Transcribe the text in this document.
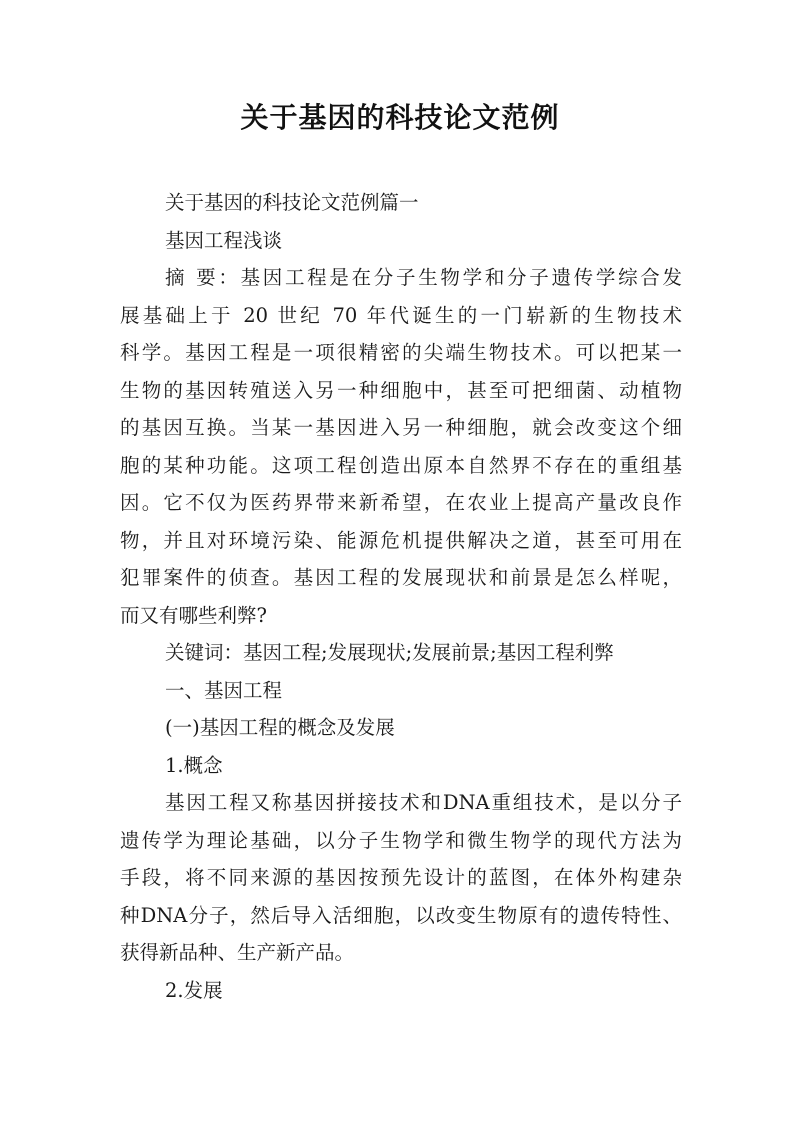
关于基因的科技论文范例
关于基因的科技论文范例篇一
基因工程浅谈
摘 要：基因工程是在分子生物学和分子遗传学综合发
展基础上于 20 世纪 70 年代诞生的一门崭新的生物技术
科学。基因工程是一项很精密的尖端生物技术。可以把某一
生物的基因转殖送入另一种细胞中，甚至可把细菌、动植物
的基因互换。当某一基因进入另一种细胞，就会改变这个细
胞的某种功能。这项工程创造出原本自然界不存在的重组基
因。它不仅为医药界带来新希望，在农业上提高产量改良作
物，并且对环境污染、能源危机提供解决之道，甚至可用在
犯罪案件的侦查。基因工程的发展现状和前景是怎么样呢，
而又有哪些利弊?
关键词：基因工程;发展现状;发展前景;基因工程利弊
一、基因工程
(一)基因工程的概念及发展
1.概念
基因工程又称基因拼接技术和DNA重组技术，是以分子
遗传学为理论基础，以分子生物学和微生物学的现代方法为
手段，将不同来源的基因按预先设计的蓝图，在体外构建杂
种DNA分子，然后导入活细胞，以改变生物原有的遗传特性、
获得新品种、生产新产品。
2.发展
